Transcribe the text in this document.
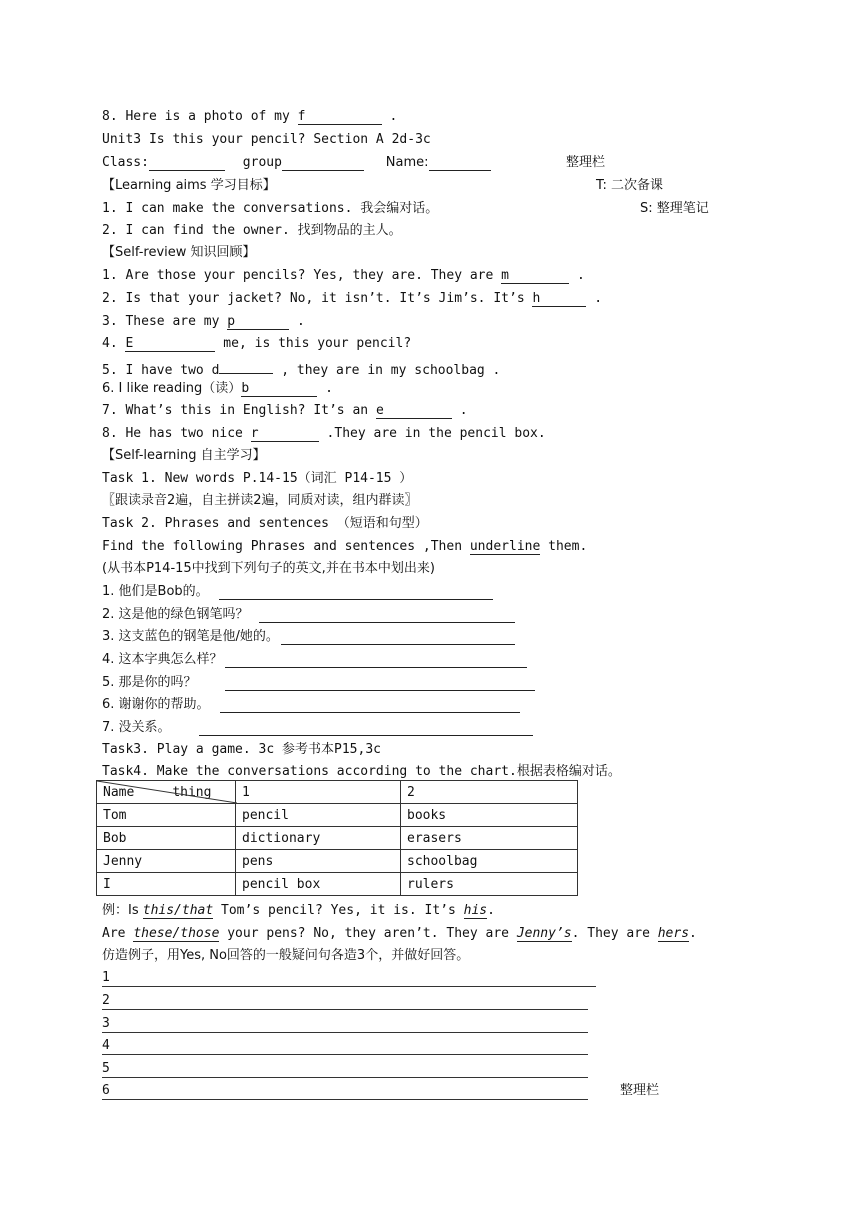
8. Here is a photo of my f	.
Unit3 Is this your pencil? Section A 2d-3c
Class:	group	Name:	整理栏
【Learning aims 学习目标】	T: 二次备课
1. I can make the conversations. 我会编对话。	S: 整理笔记
2. I can find the owner. 找到物品的主人。
【Self-review 知识回顾】
1. Are those your pencils? Yes, they are. They are m	.
2. Is that your jacket? No, it isn’t. It’s Jim’s. It’s h	.
3. These are my p	.
4. E	me, is this your pencil?
5. I have two d	, they are in my schoolbag .
6. I like reading（读）b	.
7. What’s this in English? It’s an e	.
8. He has two nice r	.They are in the pencil box.
【Self-learning 自主学习】
Task 1. New words P.14-15（词汇 P14-15 ）
〖跟读录音2遍，自主拼读2遍，同质对读，组内群读〗
Task 2. Phrases and sentences （短语和句型）
Find the following Phrases and sentences ,Then underline them.
(从书本P14-15中找到下列句子的英文,并在书本中划出来)
1. 他们是Bob的。
2. 这是他的绿色钢笔吗？
3. 这支蓝色的钢笔是他/她的。
4. 这本字典怎么样？
5. 那是你的吗？
6. 谢谢你的帮助。
7. 没关系。
Task3. Play a game. 3c 参考书本P15,3c
Task4. Make the conversations according to the chart.根据表格编对话。
Name thing	1	2
Tom	pencil	books
Bob	dictionary	erasers
Jenny	pens	schoolbag
I	pencil box	rulers
例：Is this/that Tom’s pencil? Yes, it is. It’s his.
Are these/those your pens? No, they aren’t. They are Jenny’s. They are hers.
仿造例子，用Yes, No回答的一般疑问句各造3个，并做好回答。
1
2
3
4
5
6	整理栏
